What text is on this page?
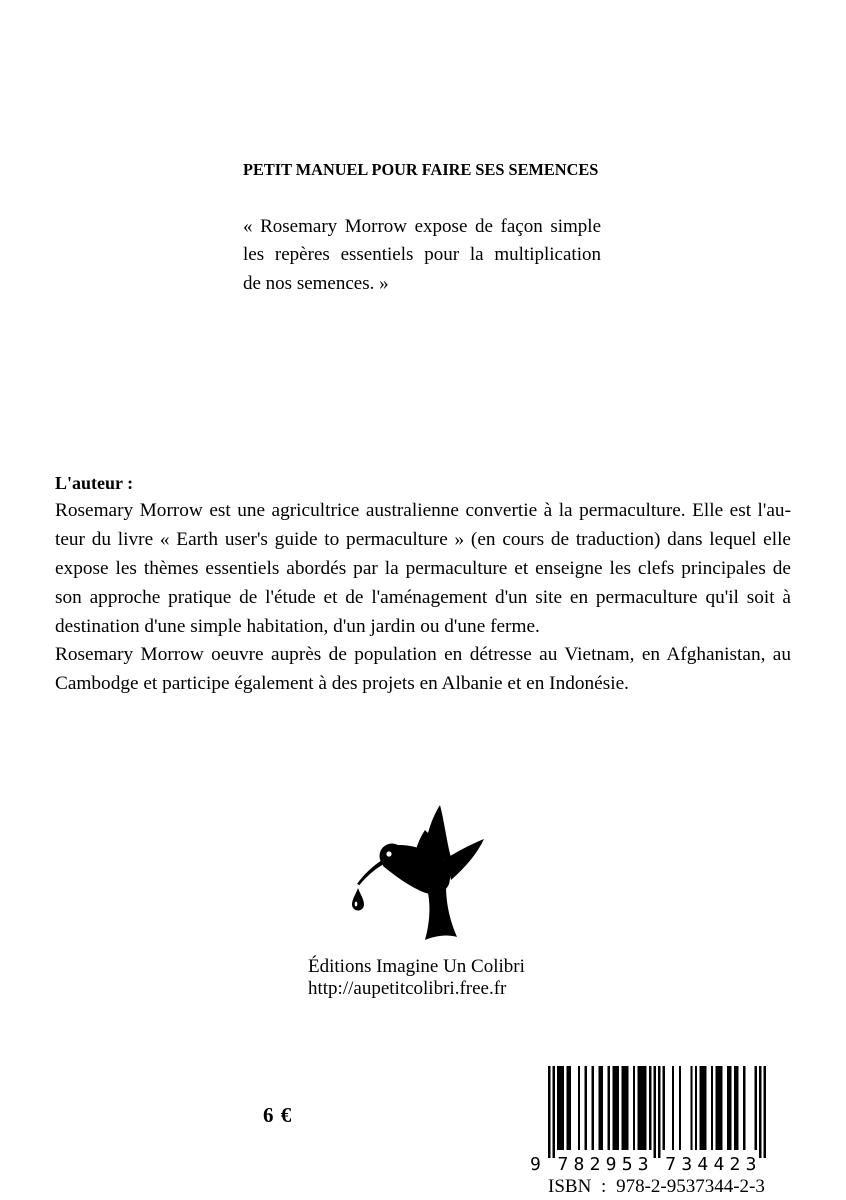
PETIT MANUEL POUR FAIRE SES SEMENCES
« Rosemary Morrow expose de façon simple
les repères essentiels pour la multiplication
de nos semences. »
L'auteur :
Rosemary Morrow est une agricultrice australienne convertie à la permaculture. Elle est l'au-
teur du livre « Earth user's guide to permaculture » (en cours de traduction) dans lequel elle
expose les thèmes essentiels abordés par la permaculture et enseigne les clefs principales de
son approche pratique de l'étude et de l'aménagement d'un site en permaculture qu'il soit à
destination d'une simple habitation, d'un jardin ou d'une ferme.
Rosemary Morrow oeuvre auprès de population en détresse au Vietnam, en Afghanistan, au
Cambodge et participe également à des projets en Albanie et en Indonésie.
Éditions Imagine Un Colibri
http://aupetitcolibri.free.fr
6 €
9 782953 734423
ISBN : 978-2-9537344-2-3
